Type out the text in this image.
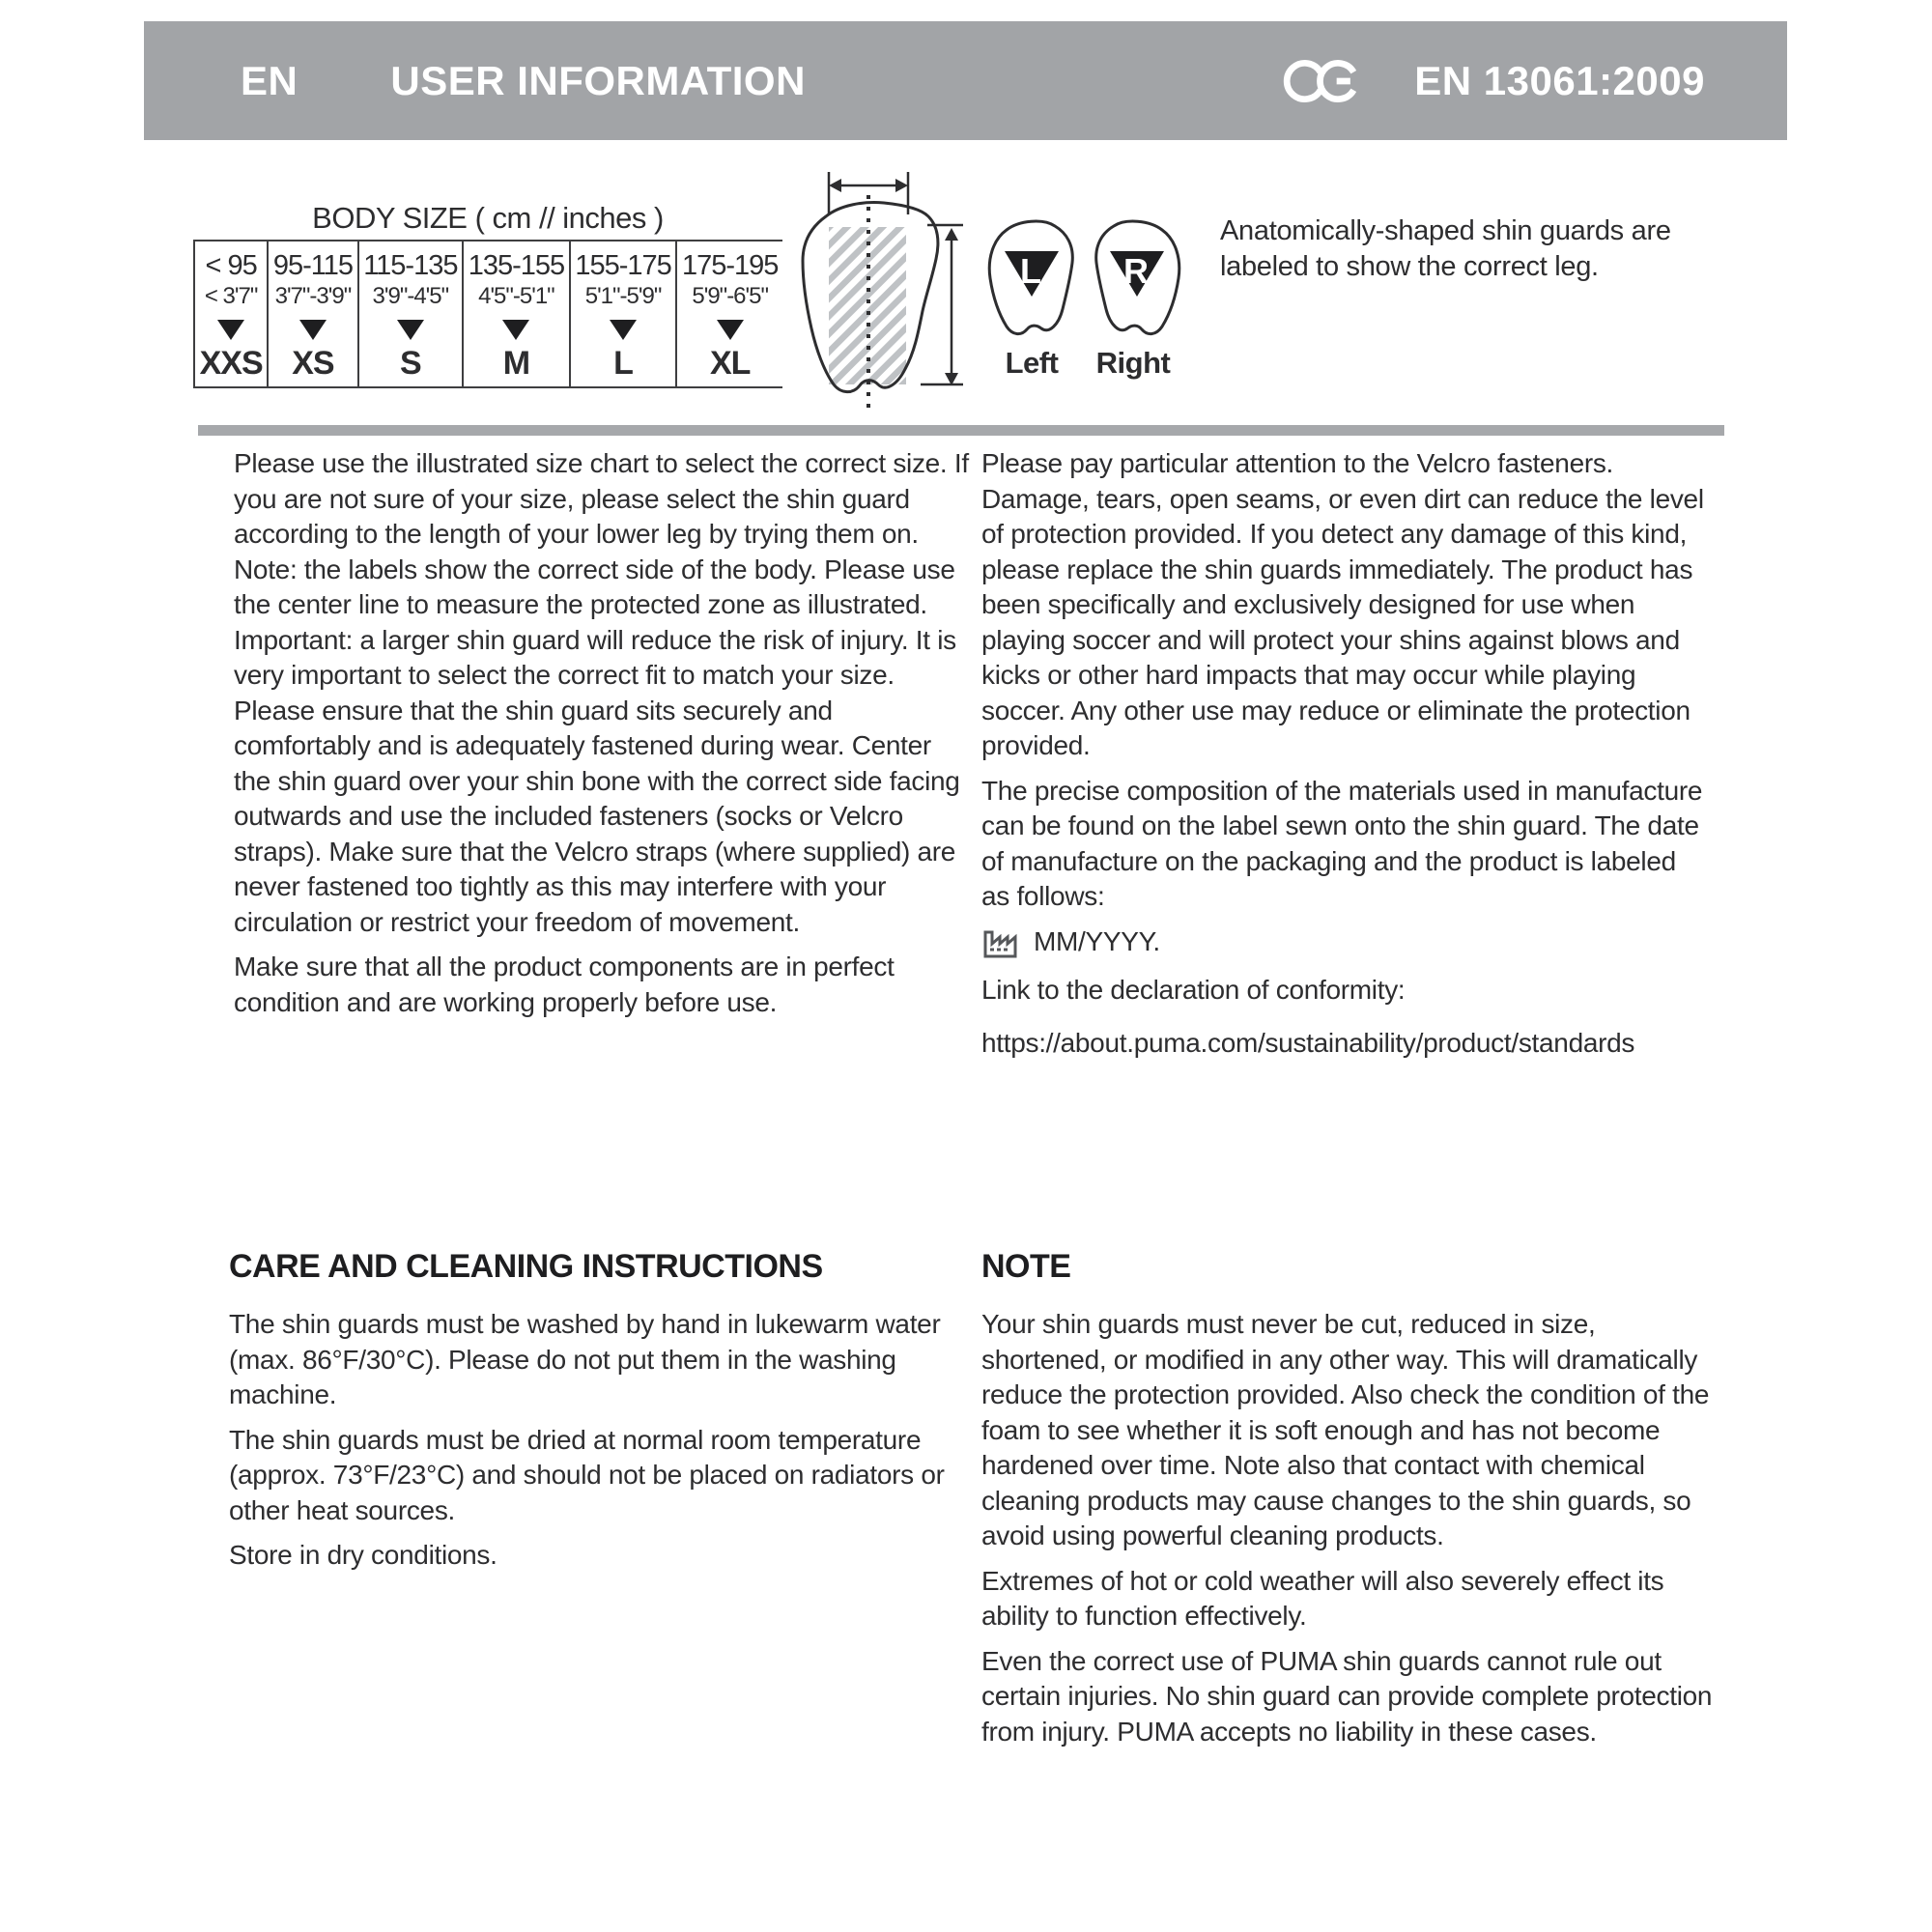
EN USER INFORMATION	EN 13061:2009
BODY SIZE ( cm // inches )
< 95
< 3'7"
XXS
95-115
3'7"-3'9"
XS
115-135
3'9"-4'5"
S
135-155
4'5"-5'1"
M
155-175
5'1"-5'9"
L
175-195
5'9"-6'5"
XL
L R
Left	Right
Anatomically-shaped shin guards are labeled to show the correct leg.

Please use the illustrated size chart to select the correct size. If you are not sure of your size, please select the shin guard according to the length of your lower leg by trying them on. Note: the labels show the correct side of the body. Please use the center line to measure the protected zone as illustrated. Important: a larger shin guard will reduce the risk of injury. It is very important to select the correct fit to match your size. Please ensure that the shin guard sits securely and comfortably and is adequately fastened during wear. Center the shin guard over your shin bone with the correct side facing outwards and use the included fasteners (socks or Velcro straps). Make sure that the Velcro straps (where supplied) are never fastened too tightly as this may interfere with your circulation or restrict your freedom of movement.

Make sure that all the product components are in perfect condition and are working properly before use.

Please pay particular attention to the Velcro fasteners. Damage, tears, open seams, or even dirt can reduce the level of protection provided. If you detect any damage of this kind, please replace the shin guards immediately. The product has been specifically and exclusively designed for use when playing soccer and will protect your shins against blows and kicks or other hard impacts that may occur while playing soccer. Any other use may reduce or eliminate the protection provided.

The precise composition of the materials used in manufacture can be found on the label sewn onto the shin guard. The date of manufacture on the packaging and the product is labeled as follows:

MM/YYYY.

Link to the declaration of conformity:

https://about.puma.com/sustainability/product/standards

CARE AND CLEANING INSTRUCTIONS

The shin guards must be washed by hand in lukewarm water (max. 86°F/30°C). Please do not put them in the washing machine.

The shin guards must be dried at normal room temperature (approx. 73°F/23°C) and should not be placed on radiators or other heat sources.

Store in dry conditions.

NOTE

Your shin guards must never be cut, reduced in size, shortened, or modified in any other way. This will dramatically reduce the protection provided. Also check the condition of the foam to see whether it is soft enough and has not become hardened over time. Note also that contact with chemical cleaning products may cause changes to the shin guards, so avoid using powerful cleaning products.

Extremes of hot or cold weather will also severely effect its ability to function effectively.

Even the correct use of PUMA shin guards cannot rule out certain injuries. No shin guard can provide complete protection from injury. PUMA accepts no liability in these cases.
